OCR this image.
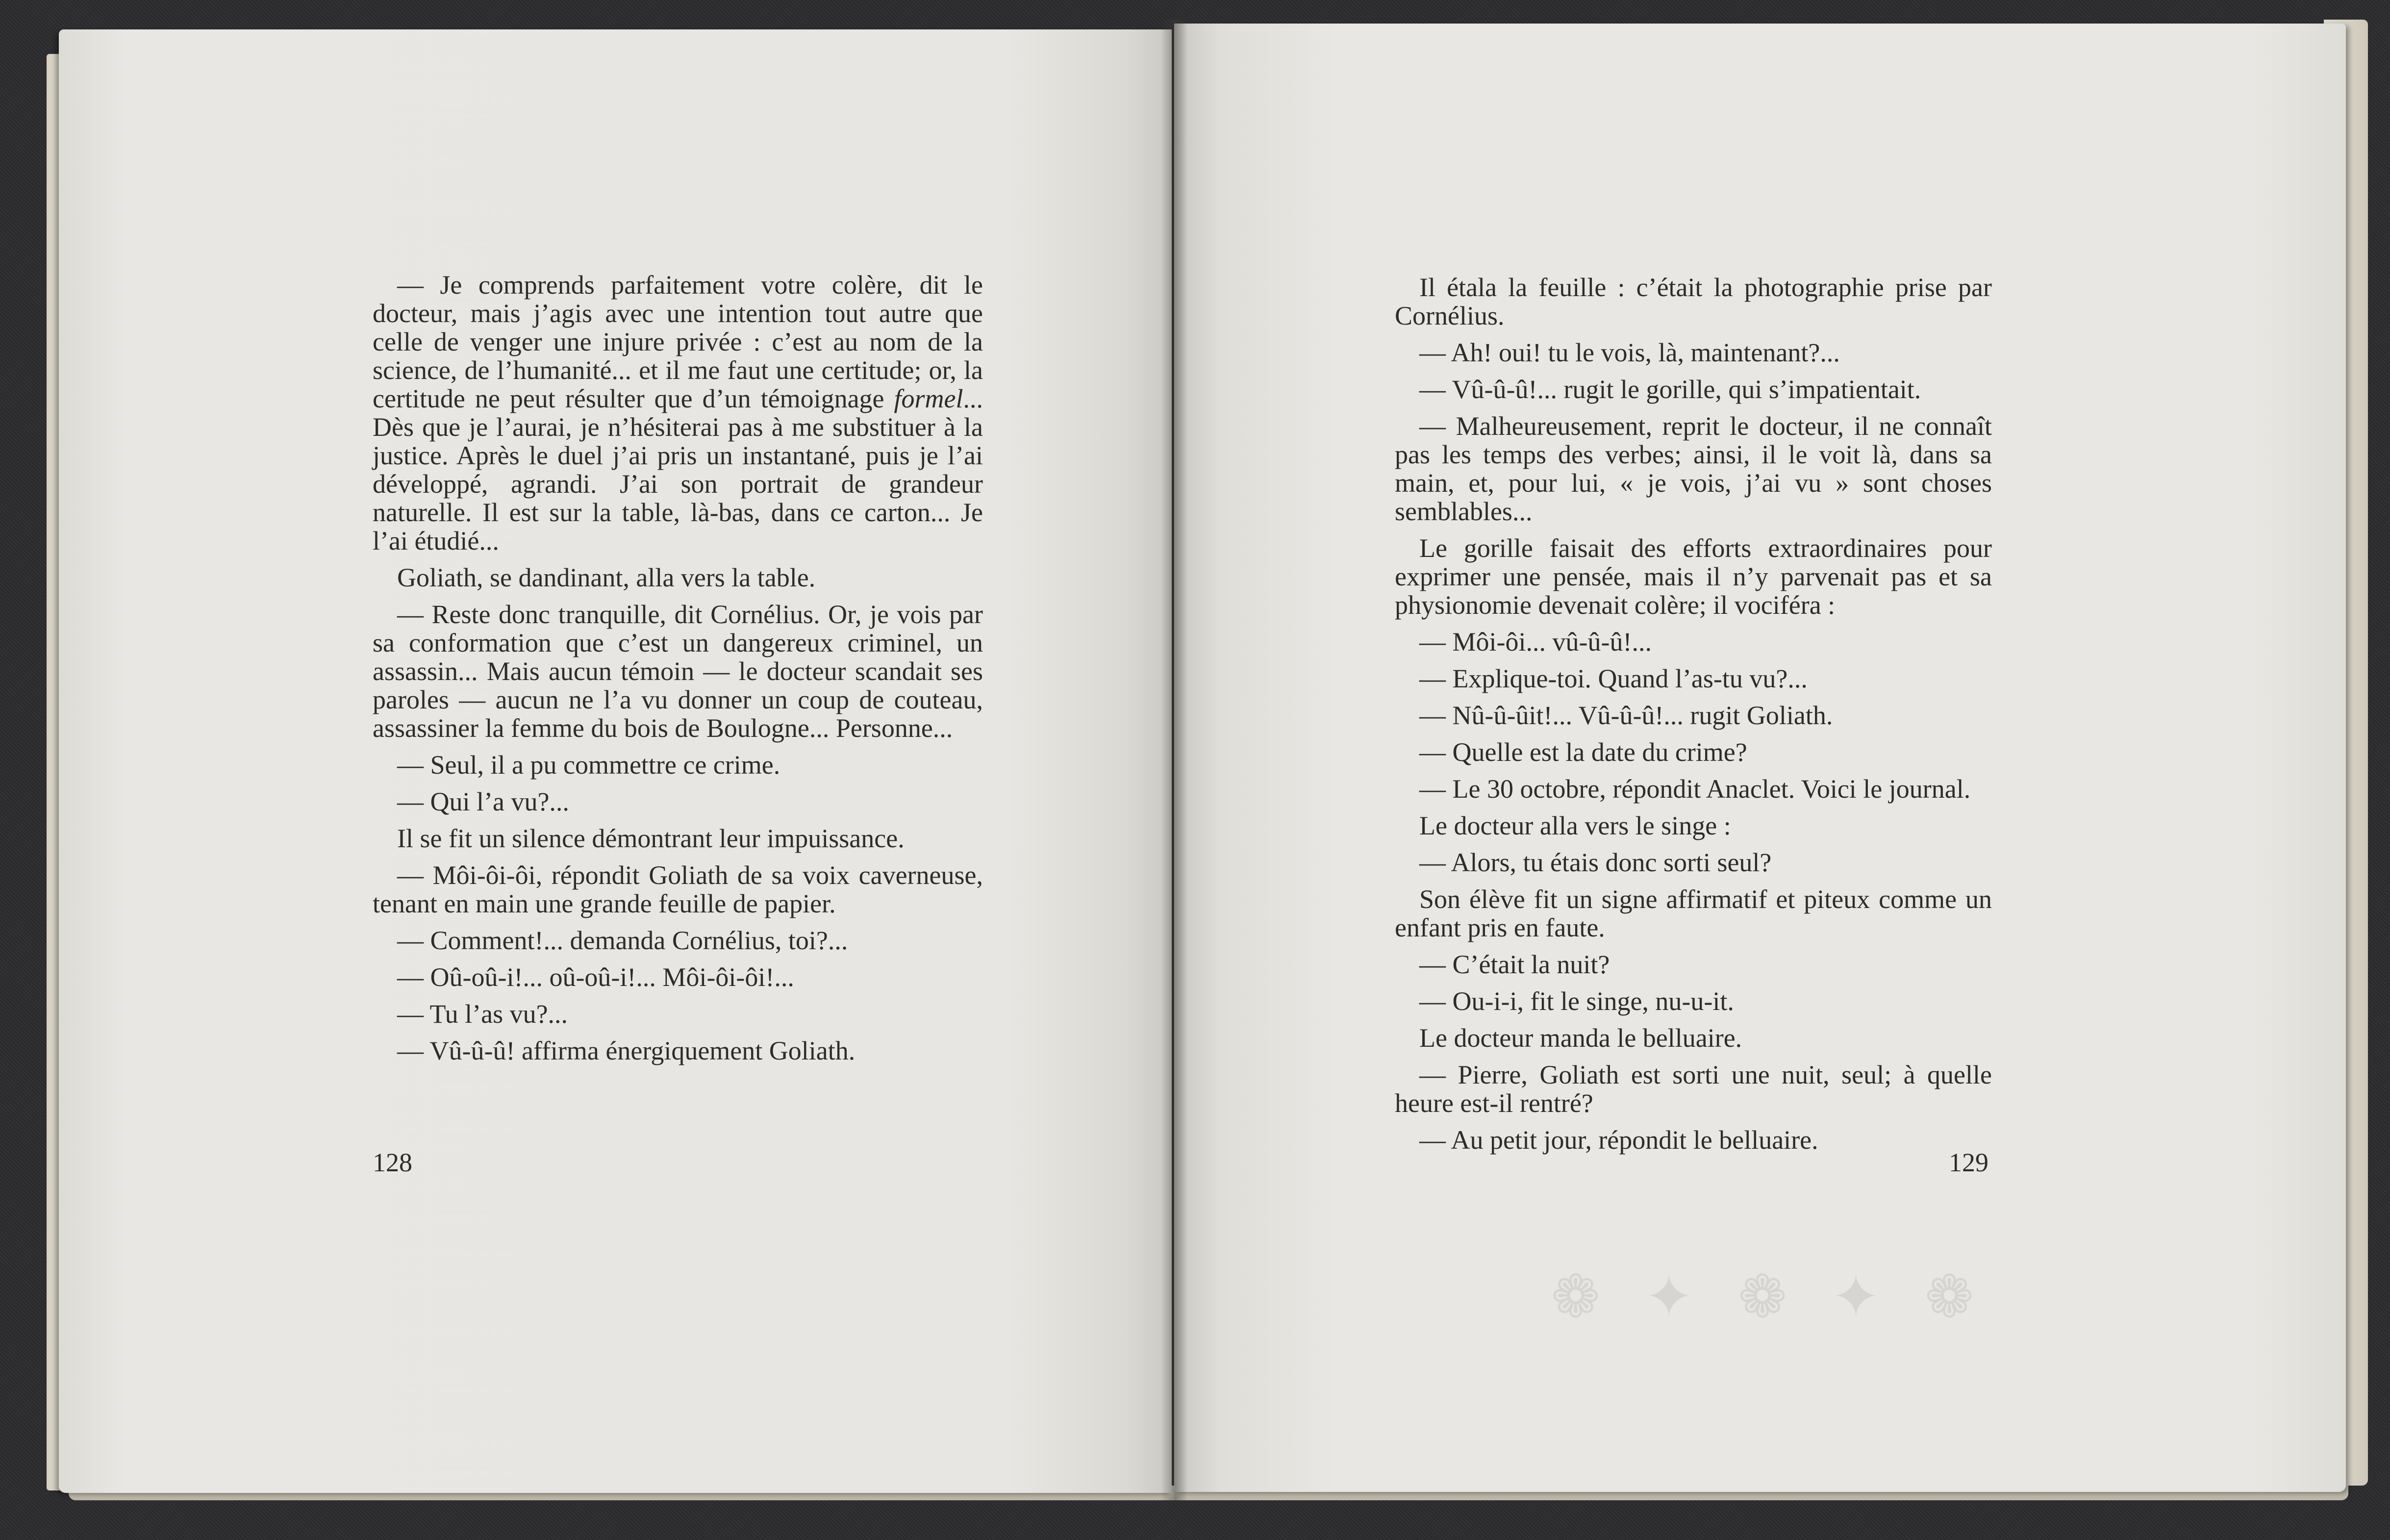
❁ ✦ ❁ ✦ ❁

— Je comprends parfaitement votre colère, dit le docteur, mais j’agis avec une intention tout autre que celle de venger une injure privée : c’est au nom de la science, de l’humanité... et il me faut une certitude; or, la certitude ne peut résulter que d’un témoignage formel... Dès que je l’aurai, je n’hésiterai pas à me substituer à la justice. Après le duel j’ai pris un instantané, puis je l’ai développé, agrandi. J’ai son portrait de grandeur naturelle. Il est sur la table, là-bas, dans ce carton... Je l’ai étudié...

Goliath, se dandinant, alla vers la table.

— Reste donc tranquille, dit Cornélius. Or, je vois par sa conformation que c’est un dangereux criminel, un assassin... Mais aucun témoin — le docteur scandait ses paroles — aucun ne l’a vu donner un coup de couteau, assassiner la femme du bois de Boulogne... Personne...

— Seul, il a pu commettre ce crime.

— Qui l’a vu?...

Il se fit un silence démontrant leur impuissance.

— Môi-ôi-ôi, répondit Goliath de sa voix caverneuse, tenant en main une grande feuille de papier.

— Comment!... demanda Cornélius, toi?...

— Oû-oû-i!... oû-oû-i!... Môi-ôi-ôi!...

— Tu l’as vu?...

— Vû-û-û! affirma énergiquement Goliath.

128

Il étala la feuille : c’était la photographie prise par Cornélius.

— Ah! oui! tu le vois, là, maintenant?...

— Vû-û-û!... rugit le gorille, qui s’impatientait.

— Malheureusement, reprit le docteur, il ne connaît pas les temps des verbes; ainsi, il le voit là, dans sa main, et, pour lui, « je vois, j’ai vu » sont choses semblables...

Le gorille faisait des efforts extraordinaires pour exprimer une pensée, mais il n’y parvenait pas et sa physionomie devenait colère; il vociféra :

— Môi-ôi... vû-û-û!...

— Explique-toi. Quand l’as-tu vu?...

— Nû-û-ûit!... Vû-û-û!... rugit Goliath.

— Quelle est la date du crime?

— Le 30 octobre, répondit Anaclet. Voici le journal.

Le docteur alla vers le singe :

— Alors, tu étais donc sorti seul?

Son élève fit un signe affirmatif et piteux comme un enfant pris en faute.

— C’était la nuit?

— Ou-i-i, fit le singe, nu-u-it.

Le docteur manda le belluaire.

— Pierre, Goliath est sorti une nuit, seul; à quelle heure est-il rentré?

— Au petit jour, répondit le belluaire.

129
